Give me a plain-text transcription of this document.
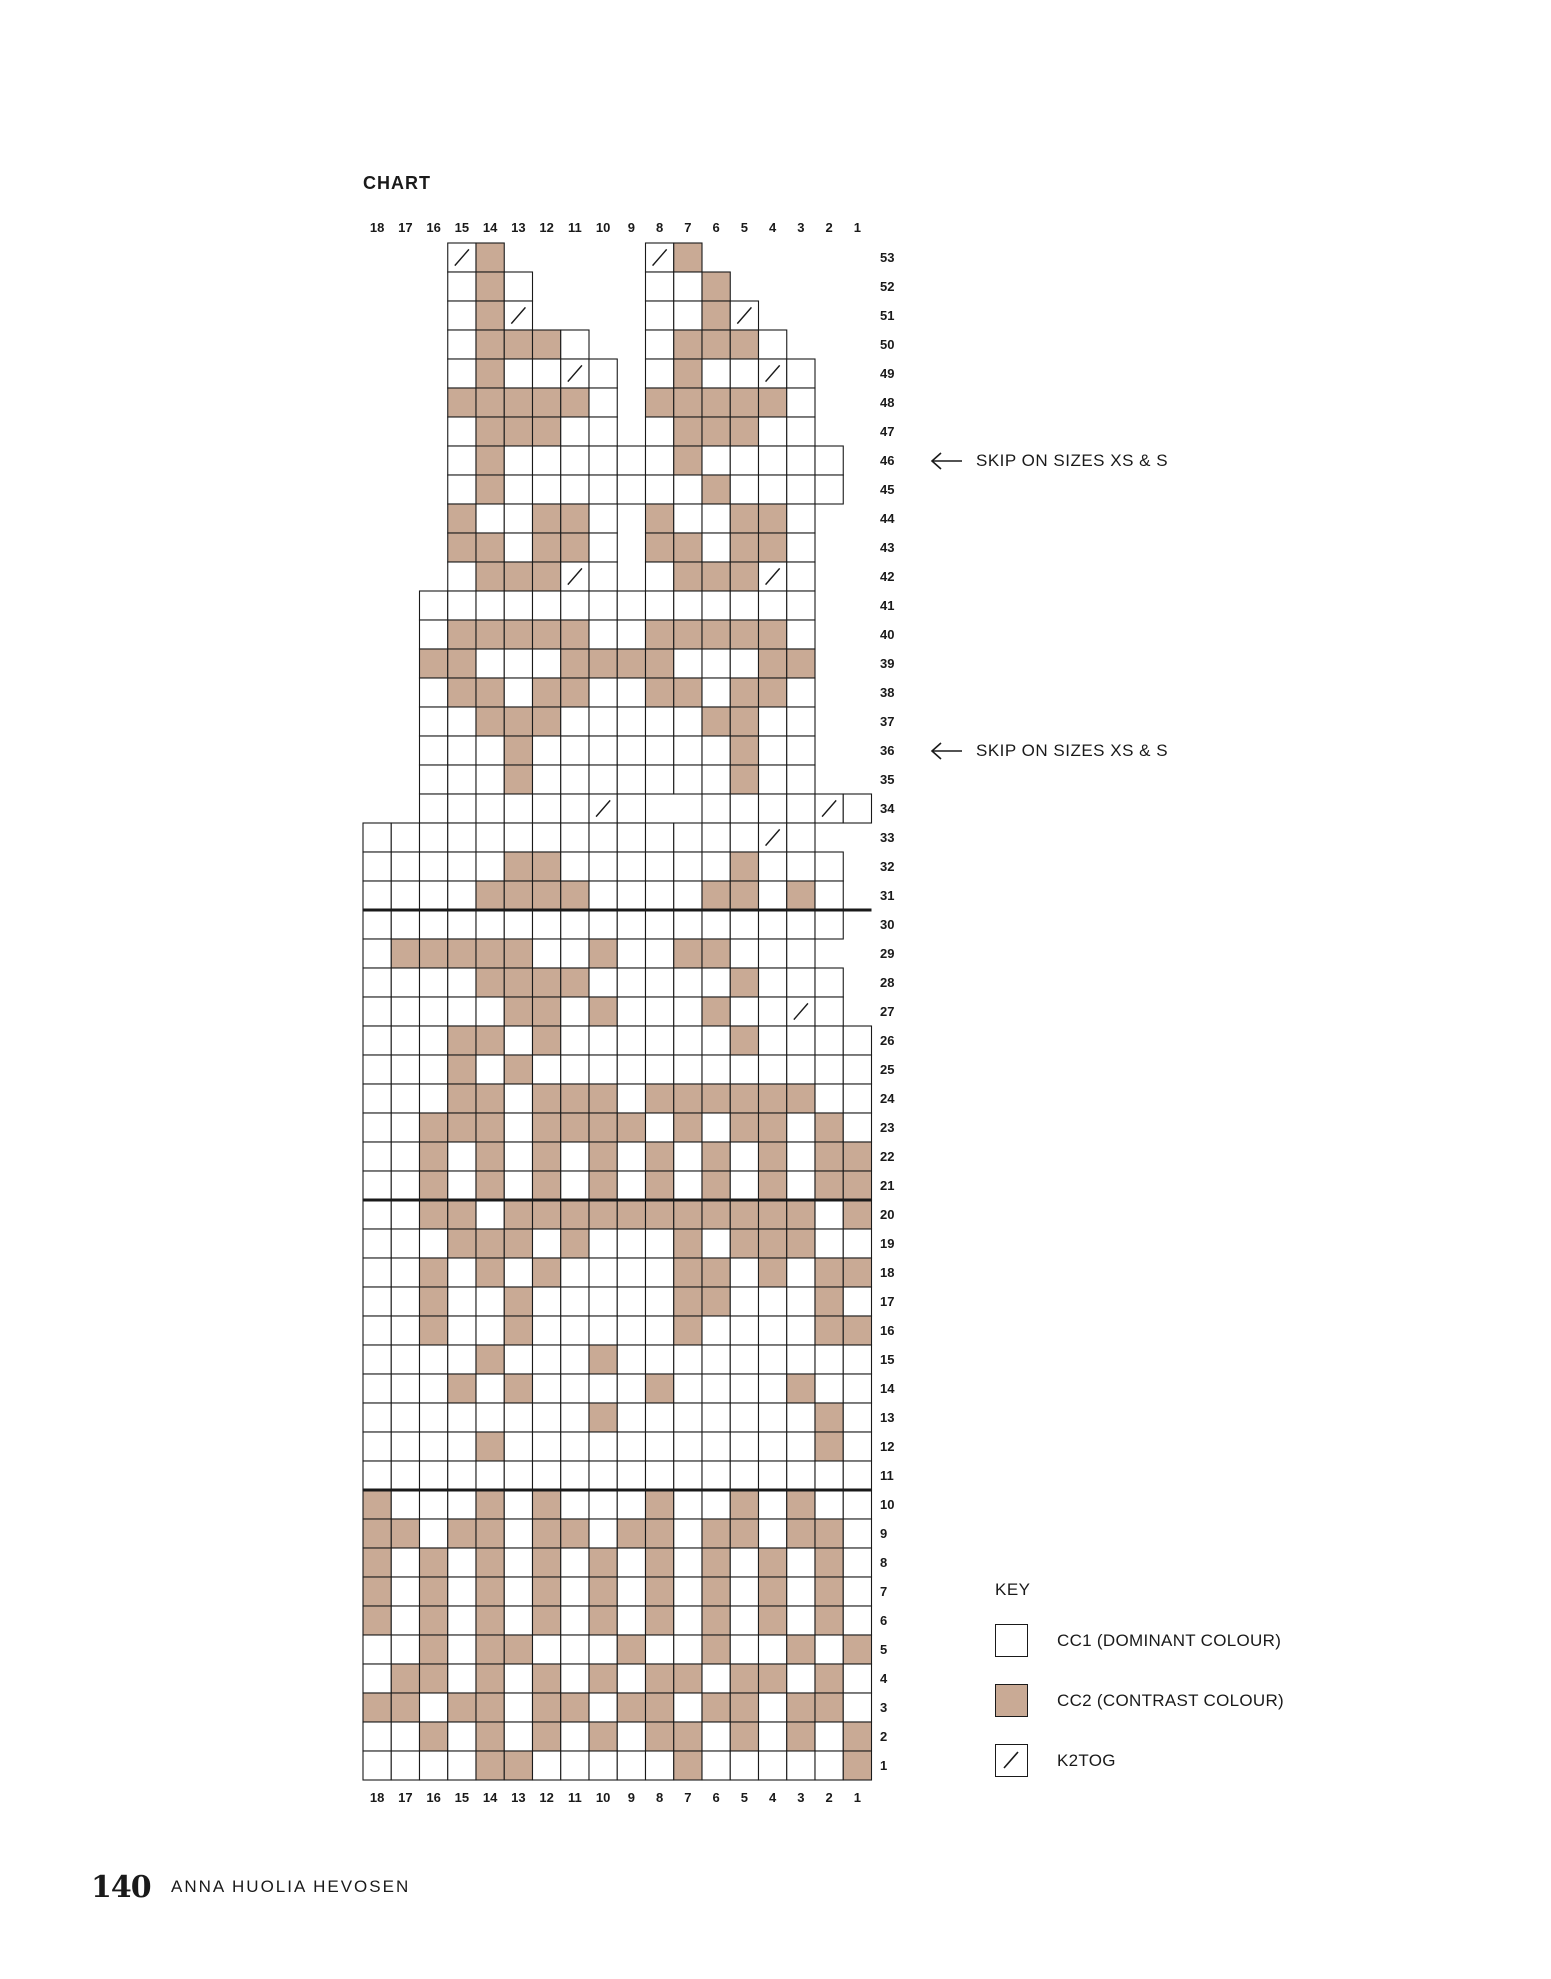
CHART
18 17 16 15 14 13 12 11 10 9 8 7 6 5 4 3 2 1
18 17 16 15 14 13 12 11 10 9 8 7 6 5 4 3 2 1
1
2
3
4
5
6
7
8
9
10
11
12
13
14
15
16
17
18
19
20
21
22
23
24
25
26
27
28
29
30
31
32
33
34
35
36
37
38
39
40
41
42
43
44
45
46
47
48
49
50
51
52
53
SKIP ON SIZES XS & S
SKIP ON SIZES XS & S
KEY
CC1 (DOMINANT COLOUR)
CC2 (CONTRAST COLOUR)
K2TOG
140 ANNA HUOLIA HEVOSEN
